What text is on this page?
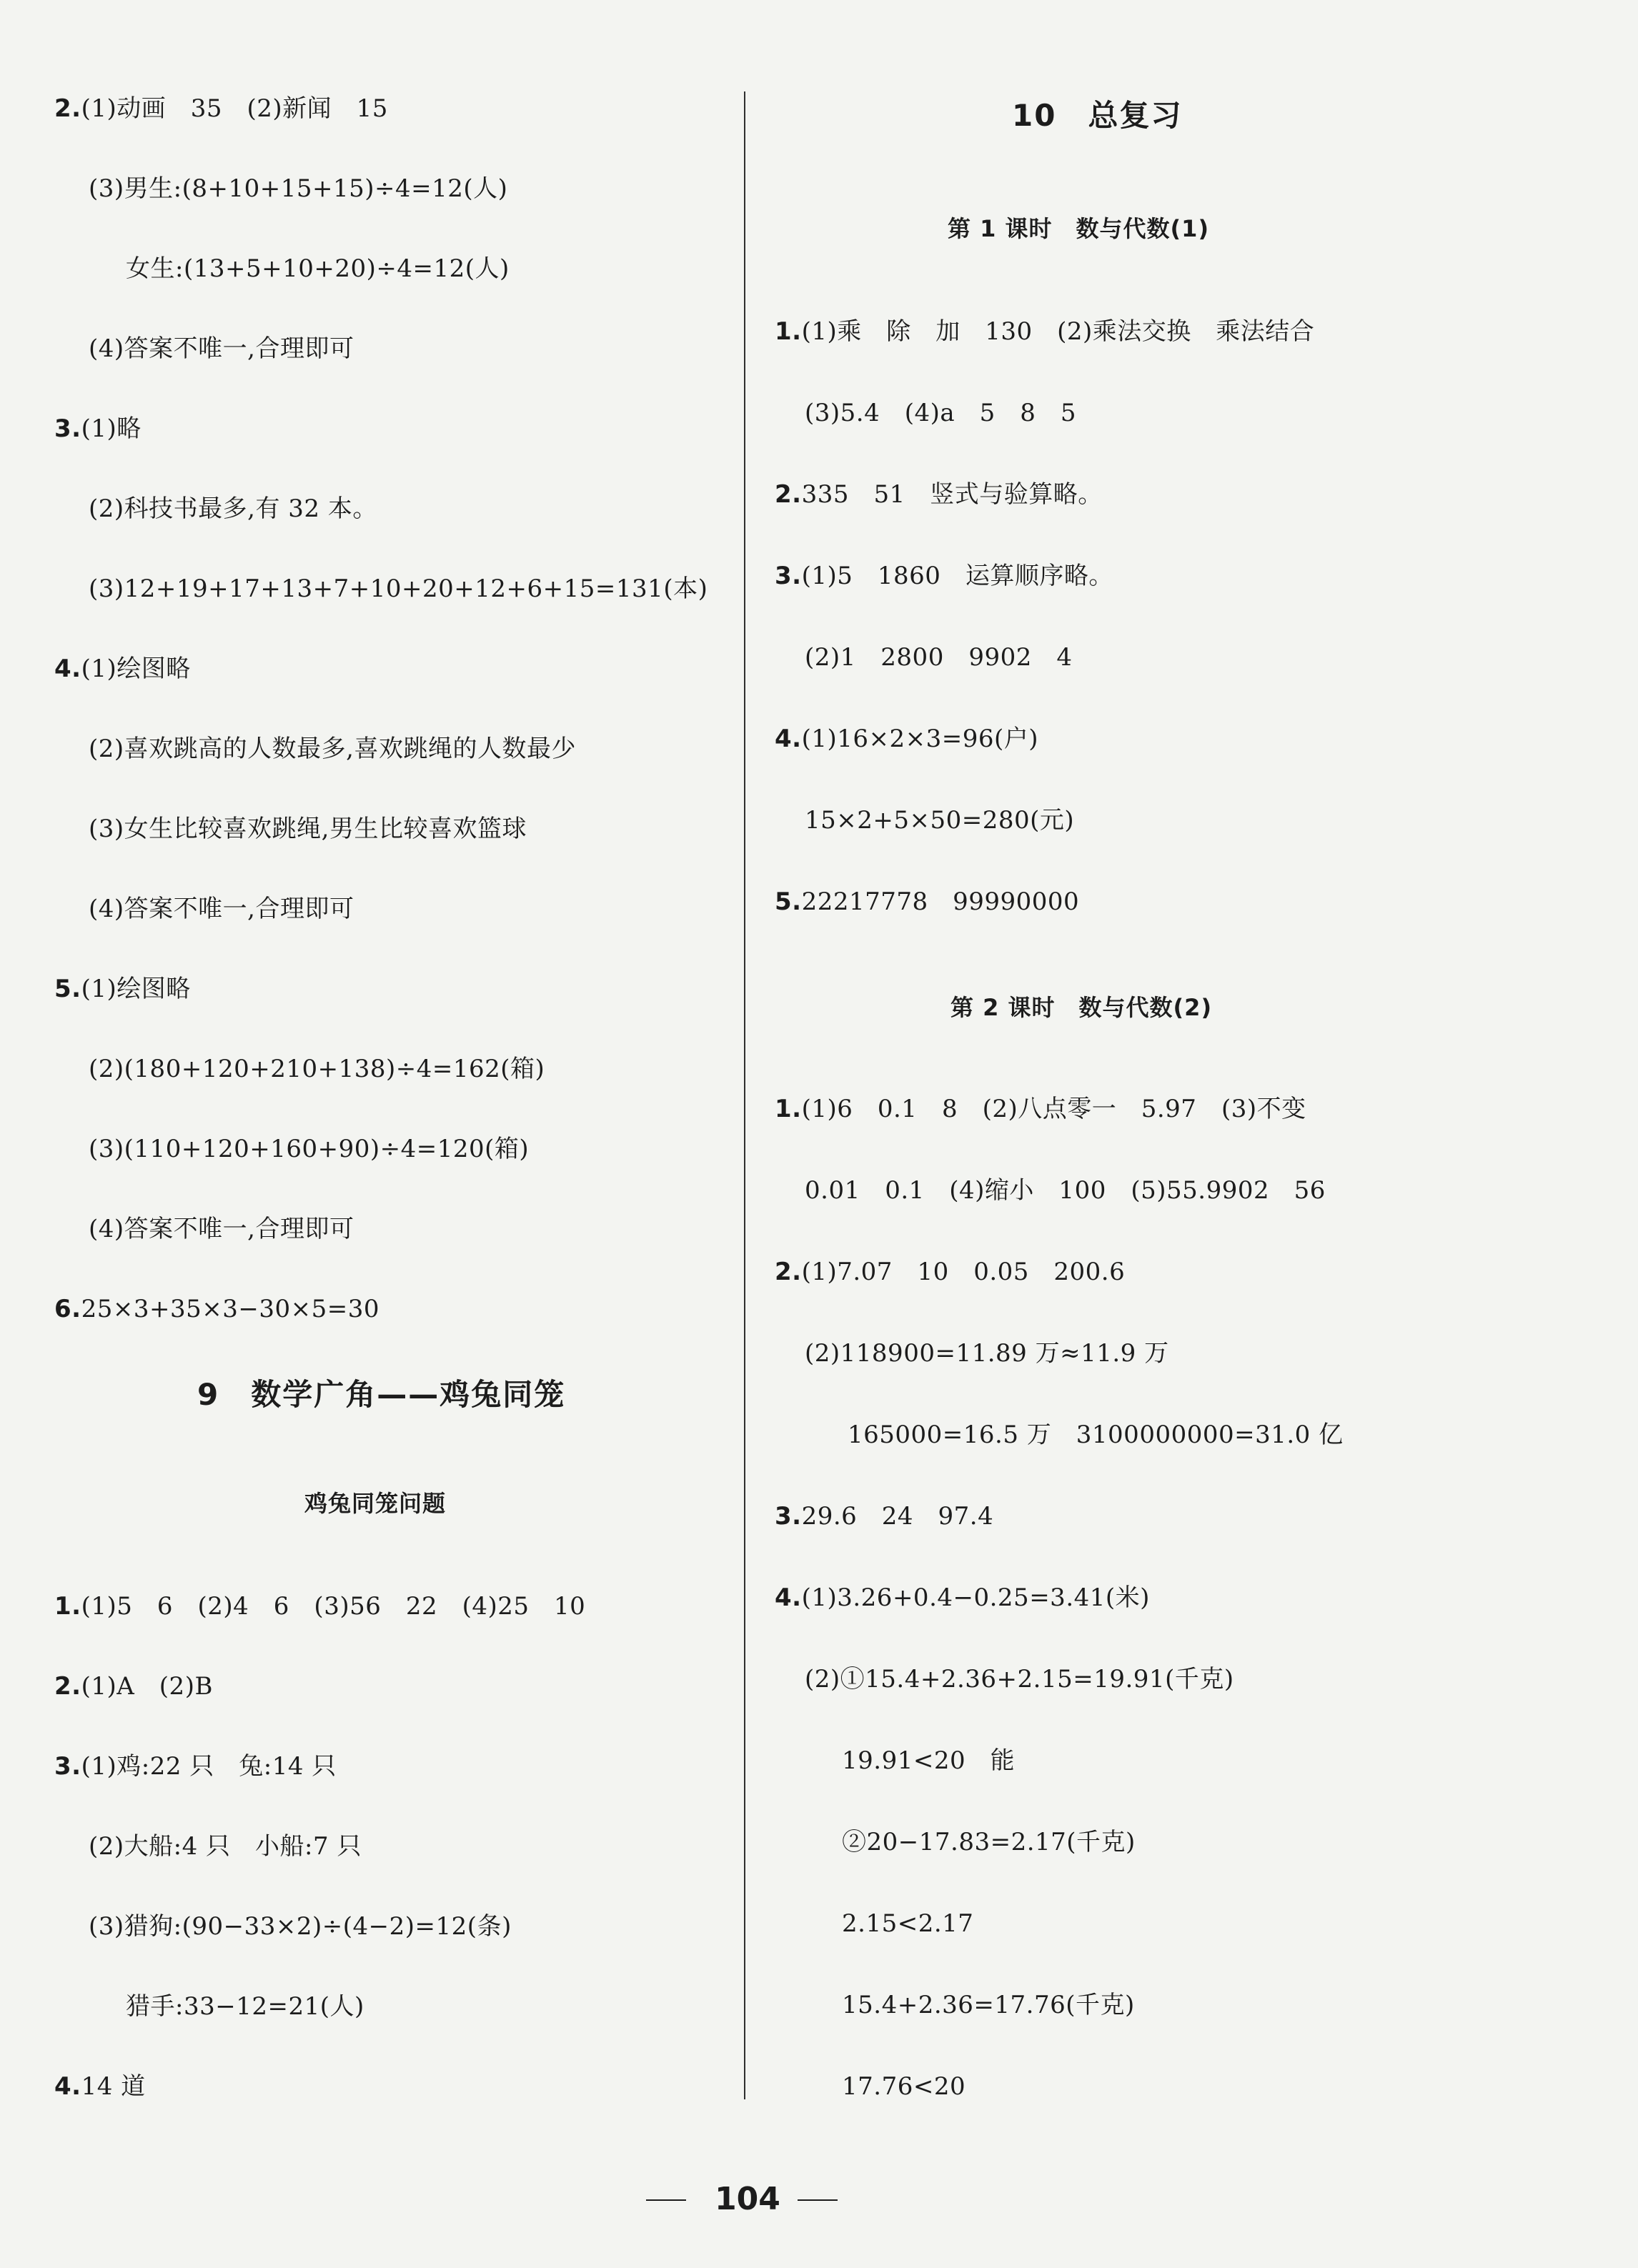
2.(1)动画　35　(2)新闻　15
(3)男生:(8+10+15+15)÷4=12(人)
女生:(13+5+10+20)÷4=12(人)
(4)答案不唯一,合理即可
3.(1)略
(2)科技书最多,有 32 本。
(3)12+19+17+13+7+10+20+12+6+15=131(本)
4.(1)绘图略
(2)喜欢跳高的人数最多,喜欢跳绳的人数最少
(3)女生比较喜欢跳绳,男生比较喜欢篮球
(4)答案不唯一,合理即可
5.(1)绘图略
(2)(180+120+210+138)÷4=162(箱)
(3)(110+120+160+90)÷4=120(箱)
(4)答案不唯一,合理即可
6.25×3+35×3−30×5=30
9　数学广角——鸡兔同笼
鸡兔同笼问题
1.(1)5　6　(2)4　6　(3)56　22　(4)25　10
2.(1)A　(2)B
3.(1)鸡:22 只　兔:14 只
(2)大船:4 只　小船:7 只
(3)猎狗:(90−33×2)÷(4−2)=12(条)
猎手:33−12=21(人)
4.14 道
10　总复习
第 1 课时　数与代数(1)
1.(1)乘　除　加　130　(2)乘法交换　乘法结合
(3)5.4　(4)a　5　8　5
2.335　51　竖式与验算略。
3.(1)5　1860　运算顺序略。
(2)1　2800　9902　4
4.(1)16×2×3=96(户)
15×2+5×50=280(元)
5.22217778　99990000
第 2 课时　数与代数(2)
1.(1)6　0.1　8　(2)八点零一　5.97　(3)不变
0.01　0.1　(4)缩小　100　(5)55.9902　56
2.(1)7.07　10　0.05　200.6
(2)118900=11.89 万≈11.9 万
165000=16.5 万　3100000000=31.0 亿
3.29.6　24　97.4
4.(1)3.26+0.4−0.25=3.41(米)
(2)①15.4+2.36+2.15=19.91(千克)
19.91<20　能
②20−17.83=2.17(千克)
2.15<2.17
15.4+2.36=17.76(千克)
17.76<20
104
